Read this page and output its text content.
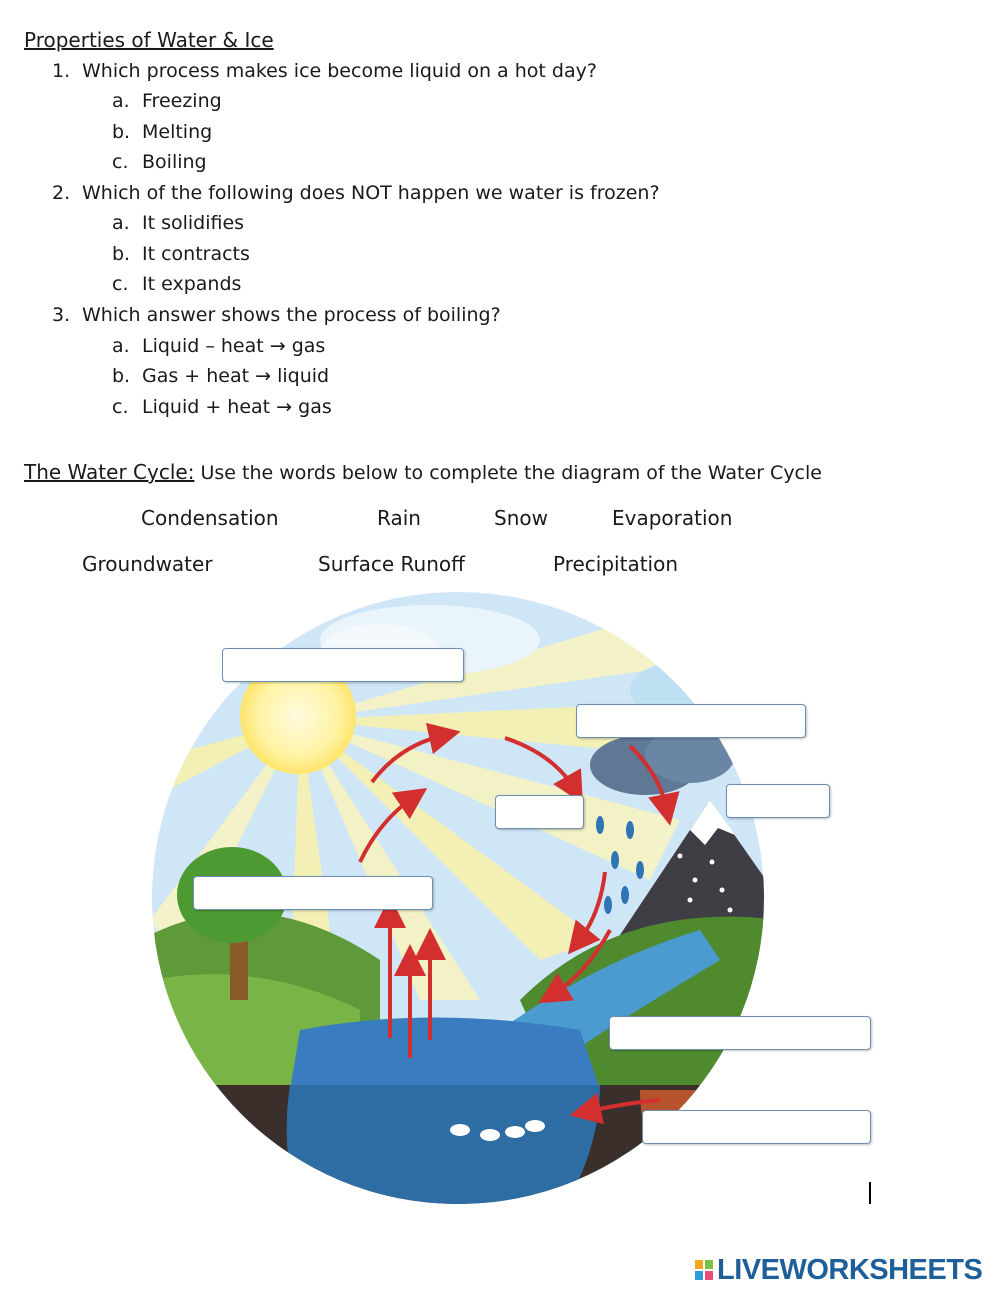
Properties of Water & Ice
1. Which process makes ice become liquid on a hot day?
a. Freezing
b. Melting
c. Boiling
2. Which of the following does NOT happen we water is frozen?
a. It solidifies
b. It contracts
c. It expands
3. Which answer shows the process of boiling?
a. Liquid – heat → gas
b. Gas + heat → liquid
c. Liquid + heat → gas
The Water Cycle: Use the words below to complete the diagram of the Water Cycle
Condensation	Rain	Snow	Evaporation
Groundwater	Surface Runoff	Precipitation
LIVEWORKSHEETS
